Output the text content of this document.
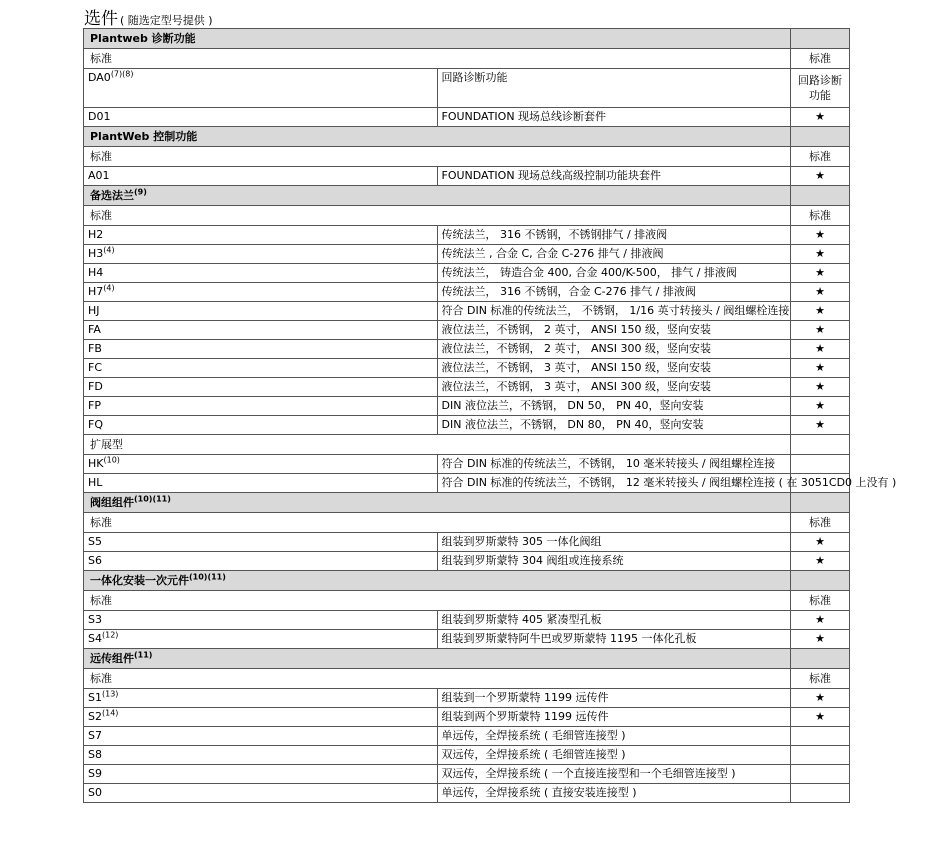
选件 ( 随选定型号提供 )
Plantweb 诊断功能		
标准		标准
$DA0^{(7)(8)}$	回路诊断功能	回路诊断功能
D01	FOUNDATION 现场总线诊断套件	★
PlantWeb 控制功能		
标准		标准
A01	FOUNDATION 现场总线高级控制功能块套件	★
备选法兰$^{(9)}$	
标准		标准
H2	传统法兰， 316 不锈钢，不锈钢排气 / 排液阀	★
H3$^{(4)}$	传统法兰 , 合金 C, 合金 C-276 排气 / 排液阀	★
H4	传统法兰， 铸造合金 400, 合金 400/K-500， 排气 / 排液阀	★
H7$^{(4)}$	传统法兰， 316 不锈钢，合金 C-276 排气 / 排液阀	★
HJ	符合 DIN 标准的传统法兰， 不锈钢， 1/16 英寸转接头 / 阀组螺栓连接	★
FA	液位法兰，不锈钢， 2 英寸， ANSI 150 级，竖向安装	★
FB	液位法兰，不锈钢， 2 英寸， ANSI 300 级，竖向安装	★
FC	液位法兰，不锈钢， 3 英寸， ANSI 150 级，竖向安装	★
FD	液位法兰，不锈钢， 3 英寸， ANSI 300 级，竖向安装	★
FP	DIN 液位法兰，不锈钢， DN 50， PN 40，竖向安装	★
FQ	DIN 液位法兰，不锈钢， DN 80， PN 40，竖向安装	★
扩展型		
HK$^{(10)}$	符合 DIN 标准的传统法兰，不锈钢， 10 毫米转接头 / 阀组螺栓连接	
HL	符合 DIN 标准的传统法兰，不锈钢， 12 毫米转接头 / 阀组螺栓连接 ( 在 3051CD0 上没有 )	
阀组组件$^{(10)(11)}$	
标准		标准
S5	组装到罗斯蒙特 305 一体化阀组	★
S6	组装到罗斯蒙特 304 阀组或连接系统	★
一体化安装一次元件$^{(10)(11)}$	
标准		标准
S3	组装到罗斯蒙特 405 紧凑型孔板	★
S4$^{(12)}$	组装到罗斯蒙特阿牛巴或罗斯蒙特 1195 一体化孔板	★
远传组件$^{(11)}$	
标准		标准
S1$^{(13)}$	组装到一个罗斯蒙特 1199 远传件	★
S2$^{(14)}$	组装到两个罗斯蒙特 1199 远传件	★
S7	单远传，全焊接系统 ( 毛细管连接型 )	
S8	双远传，全焊接系统 ( 毛细管连接型 )	
S9	双远传，全焊接系统 ( 一个直接连接型和一个毛细管连接型 )	
S0	单远传，全焊接系统 ( 直接安装连接型 )	
